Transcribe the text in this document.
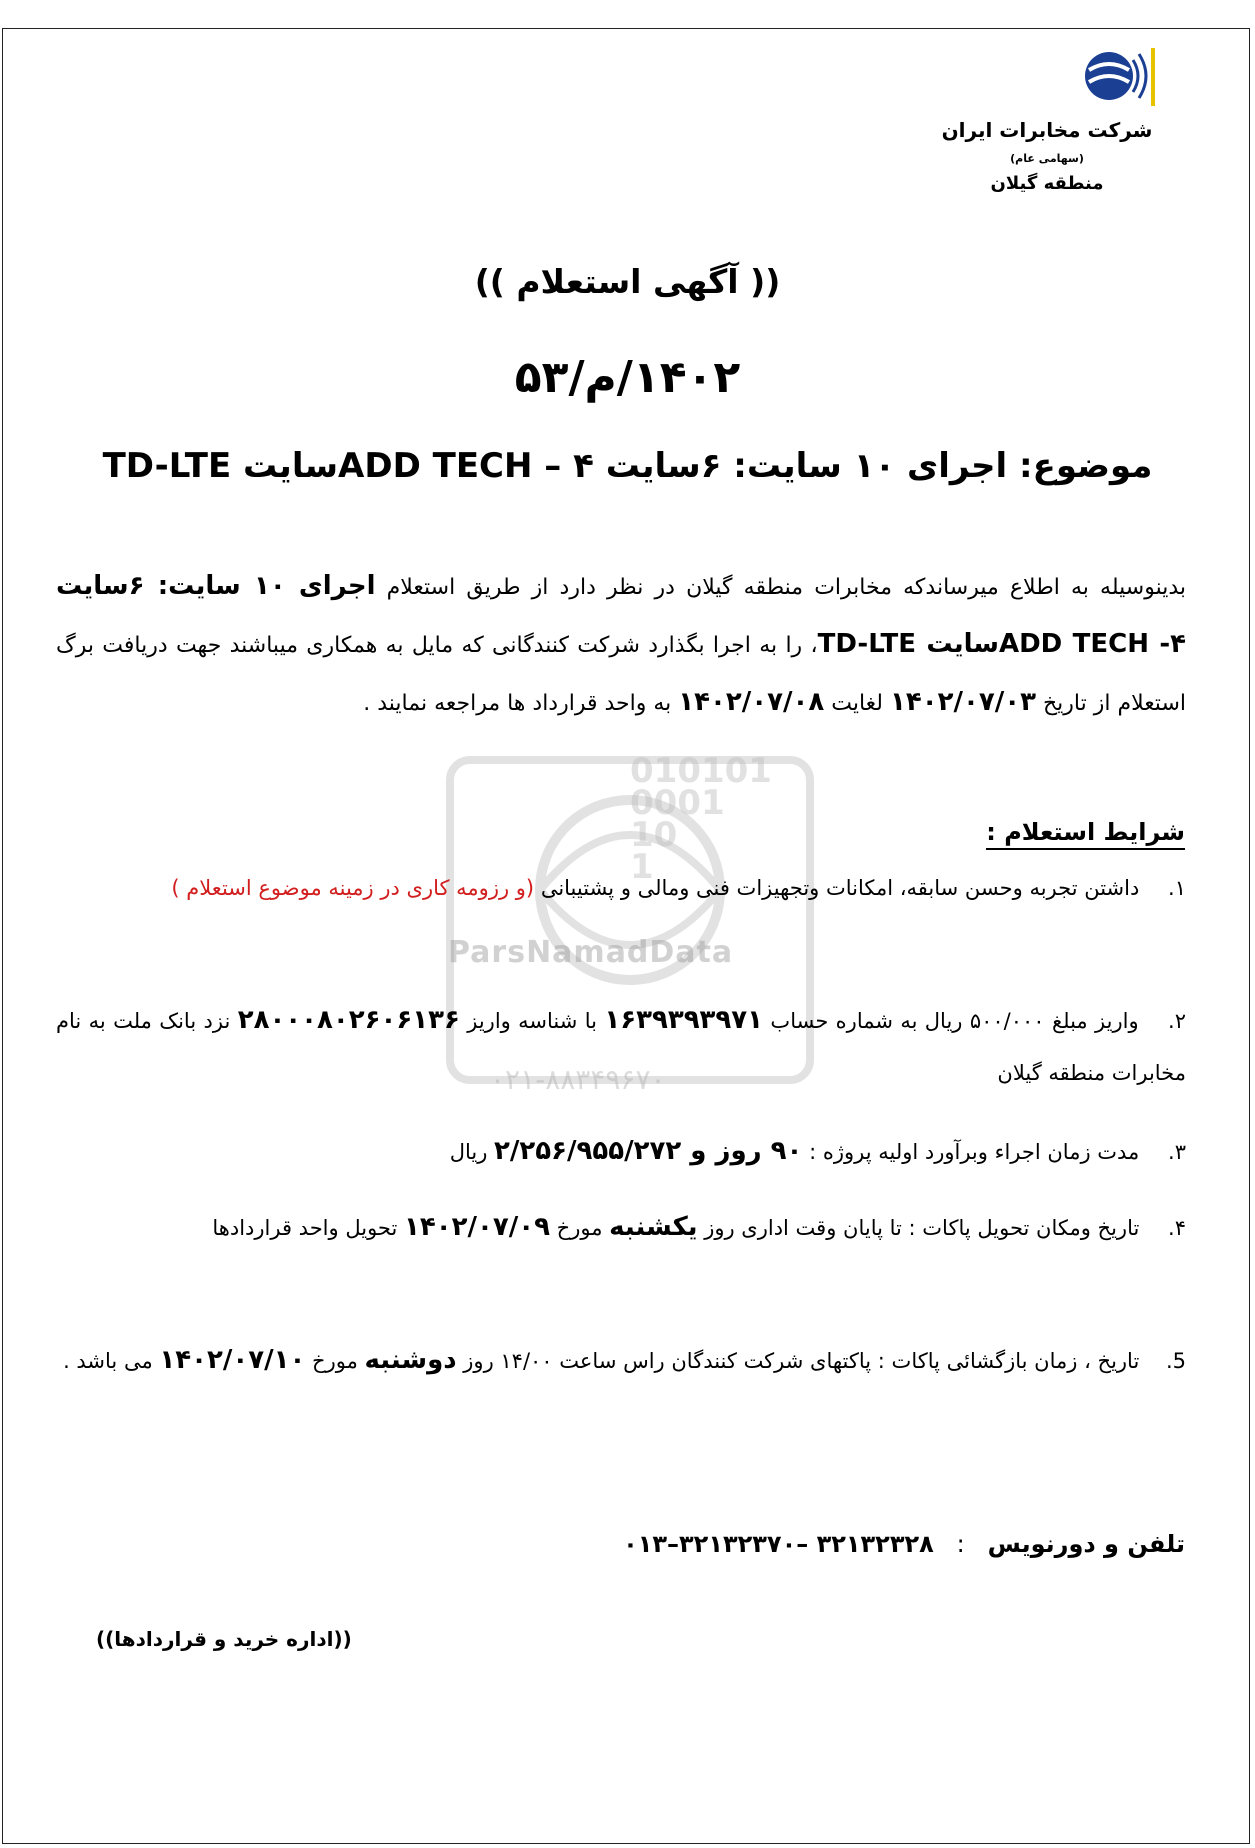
شرکت مخابرات ایران
(سهامی عام)
منطقه گیلان
010101
0001
10
1
ParsNamadData
۰۲۱-۸۸۳۴۹۶۷۰
(( آگهی استعلام ))
۱۴۰۲/م/۵۳
موضوع: اجرای ۱۰ سایت: ۶سایت ADD TECH – ۴سایت TD-LTE
بدینوسیله به اطلاع میرساندکه مخابرات منطقه گیلان در نظر دارد از طریق استعلام اجرای ۱۰ سایت: ۶سایت ADD TECH -۴سایت TD-LTE، را به اجرا بگذارد شرکت کنندگانی که مایل به همکاری میباشند جهت دریافت برگ استعلام از تاریخ ۱۴۰۲/۰۷/۰۳ لغایت ۱۴۰۲/۰۷/۰۸ به واحد قرارداد ها مراجعه نمایند .
شرایط استعلام :
۱. داشتن تجربه وحسن سابقه، امکانات وتجهیزات فنی ومالی و پشتیبانی (و رزومه کاری در زمینه موضوع استعلام )
۲. واریز مبلغ ۵۰۰/۰۰۰ ریال به شماره حساب ۱۶۳۹۳۹۳۹۷۱ با شناسه واریز ۲۸۰۰۰۸۰۲۶۰۶۱۳۶ نزد بانک ملت به نام مخابرات منطقه گیلان
۳. مدت زمان اجراء وبرآورد اولیه پروژه : ۹۰ روز و ۲/۲۵۶/۹۵۵/۲۷۲ ریال
۴. تاریخ ومکان تحویل پاکات : تا پایان وقت اداری روز یکشنبه مورخ ۱۴۰۲/۰۷/۰۹ تحویل واحد قراردادها
5. تاریخ ، زمان بازگشائی پاکات : پاکتهای شرکت کنندگان راس ساعت ۱۴/۰۰ روز دوشنبه مورخ ۱۴۰۲/۰۷/۱۰ می باشد .
تلفن و دورنویس   :   ۳۲۱۳۲۳۲۸ –۳۲۱۳۲۳۷۰–۰۱۳
((اداره خرید و قراردادها))
